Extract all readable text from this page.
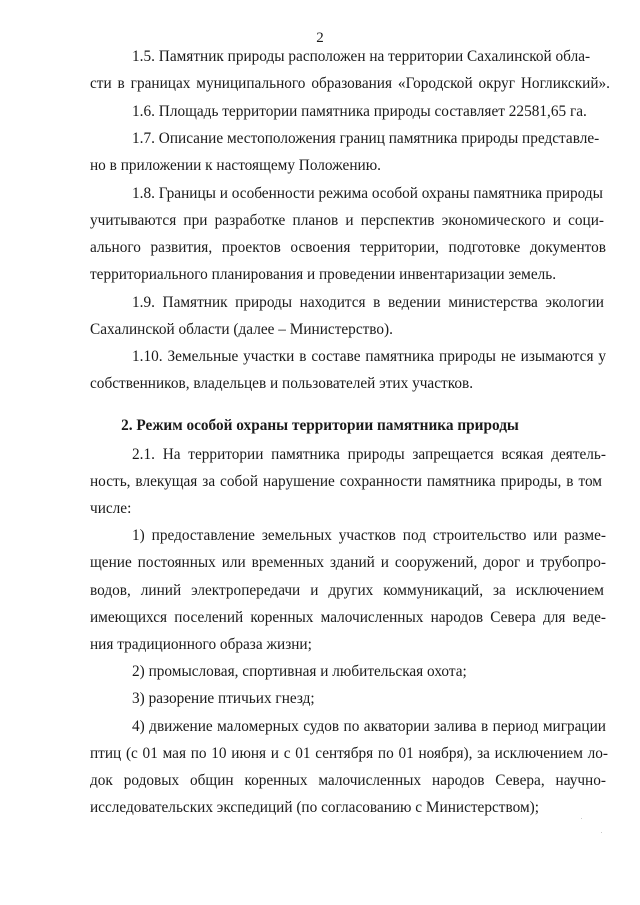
2
1.5. Памятник природы расположен на территории Сахалинской обла-
сти в границах муниципального образования «Городской округ Ногликский».
1.6. Площадь территории памятника природы составляет 22581,65 га.
1.7. Описание местоположения границ памятника природы представле-
но в приложении к настоящему Положению.
1.8. Границы и особенности режима особой охраны памятника природы
учитываются при разработке планов и перспектив экономического и соци-
ального развития, проектов освоения территории, подготовке документов
территориального планирования и проведении инвентаризации земель.
1.9. Памятник природы находится в ведении министерства экологии
Сахалинской области (далее – Министерство).
1.10. Земельные участки в составе памятника природы не изымаются у
собственников, владельцев и пользователей этих участков.
2. Режим особой охраны территории памятника природы
2.1. На территории памятника природы запрещается всякая деятель-
ность, влекущая за собой нарушение сохранности памятника природы, в том
числе:
1) предоставление земельных участков под строительство или разме-
щение постоянных или временных зданий и сооружений, дорог и трубопро-
водов, линий электропередачи и других коммуникаций, за исключением
имеющихся поселений коренных малочисленных народов Севера для веде-
ния традиционного образа жизни;
2) промысловая, спортивная и любительская охота;
3) разорение птичьих гнезд;
4) движение маломерных судов по акватории залива в период миграции
птиц (с 01 мая по 10 июня и с 01 сентября по 01 ноября), за исключением ло-
док родовых общин коренных малочисленных народов Севера, научно-
исследовательских экспедиций (по согласованию с Министерством);
